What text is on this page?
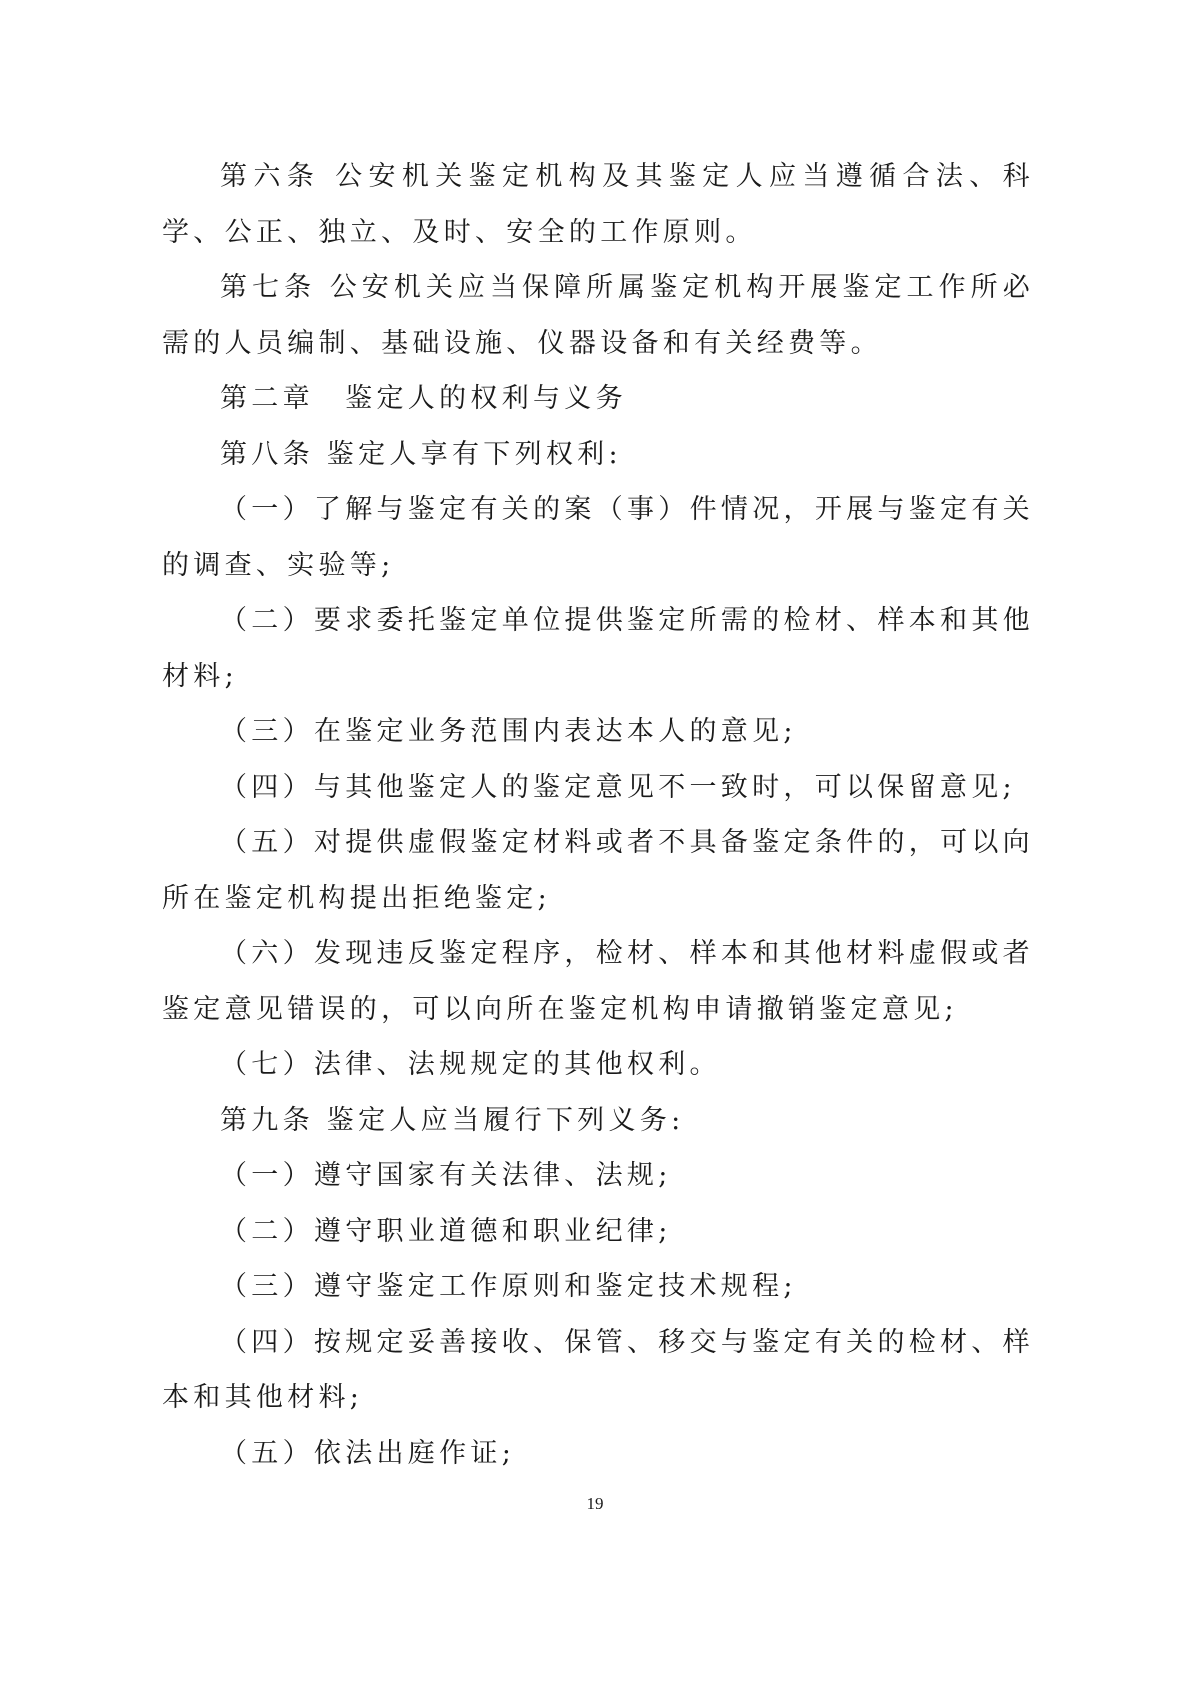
第六条 公安机关鉴定机构及其鉴定人应当遵循合法、科学、公正、独立、及时、安全的工作原则。

第七条 公安机关应当保障所属鉴定机构开展鉴定工作所必需的人员编制、基础设施、仪器设备和有关经费等。

第二章　鉴定人的权利与义务

第八条 鉴定人享有下列权利:

（一）了解与鉴定有关的案（事）件情况，开展与鉴定有关的调查、实验等;

（二）要求委托鉴定单位提供鉴定所需的检材、样本和其他材料;

（三）在鉴定业务范围内表达本人的意见;

（四）与其他鉴定人的鉴定意见不一致时，可以保留意见;

（五）对提供虚假鉴定材料或者不具备鉴定条件的，可以向所在鉴定机构提出拒绝鉴定;

（六）发现违反鉴定程序，检材、样本和其他材料虚假或者鉴定意见错误的，可以向所在鉴定机构申请撤销鉴定意见;

（七）法律、法规规定的其他权利。

第九条 鉴定人应当履行下列义务:

（一）遵守国家有关法律、法规;

（二）遵守职业道德和职业纪律;

（三）遵守鉴定工作原则和鉴定技术规程;

（四）按规定妥善接收、保管、移交与鉴定有关的检材、样本和其他材料;

（五）依法出庭作证;

19
